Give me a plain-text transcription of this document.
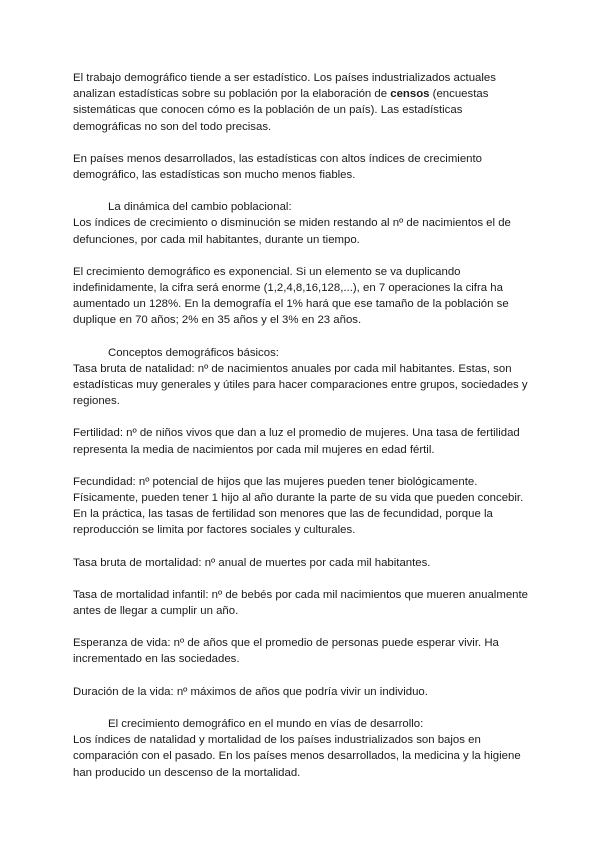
El trabajo demográfico tiende a ser estadístico. Los países industrializados actuales analizan estadísticas sobre su población por la elaboración de censos (encuestas sistemáticas que conocen cómo es la población de un país). Las estadísticas demográficas no son del todo precisas.

En países menos desarrollados, las estadísticas con altos índices de crecimiento demográfico, las estadísticas son mucho menos fiables.

La dinámica del cambio poblacional:
Los índices de crecimiento o disminución se miden restando al nº de nacimientos el de defunciones, por cada mil habitantes, durante un tiempo.

El crecimiento demográfico es exponencial. Si un elemento se va duplicando indefinidamente, la cifra será enorme (1,2,4,8,16,128,...), en 7 operaciones la cifra ha aumentado un 128%. En la demografía el 1% hará que ese tamaño de la población se duplique en 70 años; 2% en 35 años y el 3% en 23 años.

Conceptos demográficos básicos:
Tasa bruta de natalidad: nº de nacimientos anuales por cada mil habitantes. Estas, son estadísticas muy generales y útiles para hacer comparaciones entre grupos, sociedades y regiones.

Fertilidad: nº de niños vivos que dan a luz el promedio de mujeres. Una tasa de fertilidad representa la media de nacimientos por cada mil mujeres en edad fértil.

Fecundidad: nº potencial de hijos que las mujeres pueden tener biológicamente. Físicamente, pueden tener 1 hijo al año durante la parte de su vida que pueden concebir. En la práctica, las tasas de fertilidad son menores que las de fecundidad, porque la reproducción se limita por factores sociales y culturales.

Tasa bruta de mortalidad: nº anual de muertes por cada mil habitantes.

Tasa de mortalidad infantil: nº de bebés por cada mil nacimientos que mueren anualmente antes de llegar a cumplir un año.

Esperanza de vida: nº de años que el promedio de personas puede esperar vivir. Ha incrementado en las sociedades.

Duración de la vida: nº máximos de años que podría vivir un individuo.

El crecimiento demográfico en el mundo en vías de desarrollo:
Los índices de natalidad y mortalidad de los países industrializados son bajos en comparación con el pasado. En los países menos desarrollados, la medicina y la higiene han producido un descenso de la mortalidad.
